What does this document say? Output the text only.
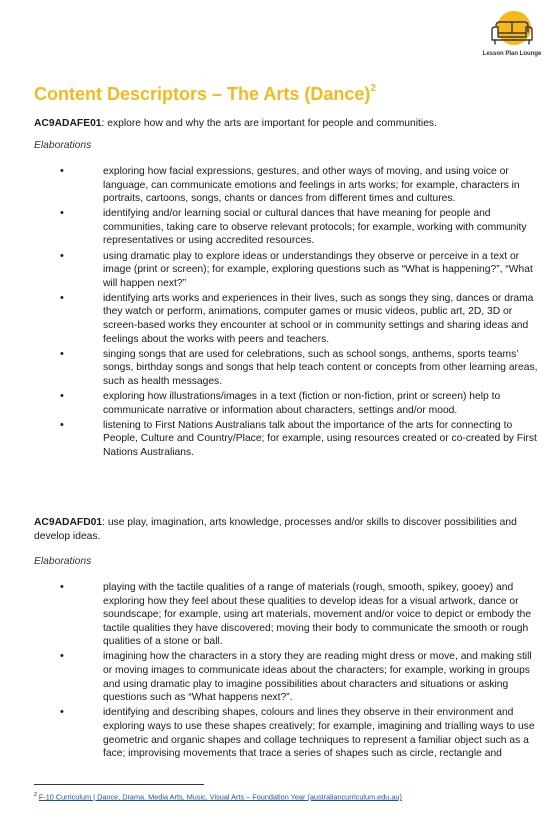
Lesson Plan Lounge
Content Descriptors – The Arts (Dance)$^2$

AC9ADAFE01: explore how and why the arts are important for people and communities.

Elaborations

• exploring how facial expressions, gestures, and other ways of moving, and using voice or language, can communicate emotions and feelings in arts works; for example, characters in portraits, cartoons, songs, chants or dances from different times and cultures.
• identifying and/or learning social or cultural dances that have meaning for people and communities, taking care to observe relevant protocols; for example, working with community representatives or using accredited resources.
• using dramatic play to explore ideas or understandings they observe or perceive in a text or image (print or screen); for example, exploring questions such as “What is happening?”, “What will happen next?”
• identifying arts works and experiences in their lives, such as songs they sing, dances or drama they watch or perform, animations, computer games or music videos, public art, 2D, 3D or screen-based works they encounter at school or in community settings and sharing ideas and feelings about the works with peers and teachers.
• singing songs that are used for celebrations, such as school songs, anthems, sports teams’ songs, birthday songs and songs that help teach content or concepts from other learning areas, such as health messages.
• exploring how illustrations/images in a text (fiction or non-fiction, print or screen) help to communicate narrative or information about characters, settings and/or mood.
• listening to First Nations Australians talk about the importance of the arts for connecting to People, Culture and Country/Place; for example, using resources created or co-created by First Nations Australians.

AC9ADAFD01: use play, imagination, arts knowledge, processes and/or skills to discover possibilities and develop ideas.

Elaborations

• playing with the tactile qualities of a range of materials (rough, smooth, spikey, gooey) and exploring how they feel about these qualities to develop ideas for a visual artwork, dance or soundscape; for example, using art materials, movement and/or voice to depict or embody the tactile qualities they have discovered; moving their body to communicate the smooth or rough qualities of a stone or ball.
• imagining how the characters in a story they are reading might dress or move, and making still or moving images to communicate ideas about the characters; for example, working in groups and using dramatic play to imagine possibilities about characters and situations or asking questions such as “What happens next?”.
• identifying and describing shapes, colours and lines they observe in their environment and exploring ways to use these shapes creatively; for example, imagining and trialling ways to use geometric and organic shapes and collage techniques to represent a familiar object such as a face; improvising movements that trace a series of shapes such as circle, rectangle and

$^2$ F-10 Curriculum | Dance, Drama, Media Arts, Music, Visual Arts – Foundation Year (australiancurriculum.edu.au)
